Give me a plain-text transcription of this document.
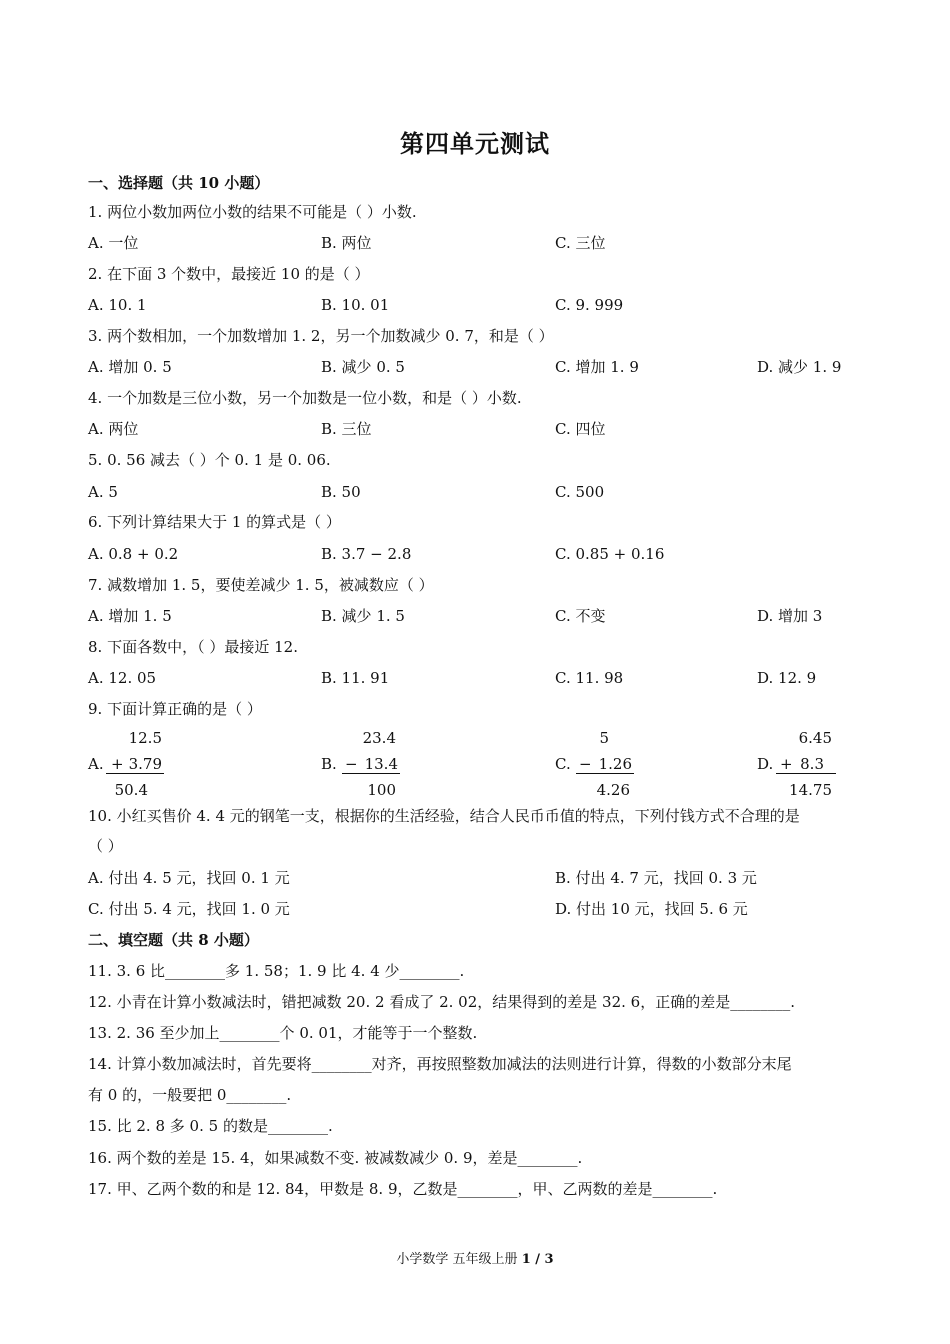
第四单元测试
一、选择题（共 10 小题）
1. 两位小数加两位小数的结果不可能是（ ）小数.
A. 一位	B. 两位	C. 三位
2. 在下面 3 个数中，最接近 10 的是（ ）
A. 10. 1	B. 10. 01	C. 9. 999
3. 两个数相加，一个加数增加 1. 2，另一个加数减少 0. 7，和是（ ）
A. 增加 0. 5	B. 减少 0. 5	C. 增加 1. 9	D. 减少 1. 9
4. 一个加数是三位小数，另一个加数是一位小数，和是（ ）小数.
A. 两位	B. 三位	C. 四位
5. 0. 56 减去（ ）个 0. 1 是 0. 06.
A. 5	B. 50	C. 500
6. 下列计算结果大于 1 的算式是（ ）
A. 0.8 + 0.2	B. 3.7 − 2.8	C. 0.85 + 0.16
7. 减数增加 1. 5，要使差减少 1. 5，被减数应（ ）
A. 增加 1. 5	B. 减少 1. 5	C. 不变	D. 增加 3
8. 下面各数中，（ ）最接近 12.
A. 12. 05	B. 11. 91	C. 11. 98	D. 12. 9
9. 下面计算正确的是（ ）
12.5
A. + 3.79
50.4
23.4
B. − 13.4
100
5
C. − 1.26
4.26
6.45
D. + 8.3
14.75
10. 小红买售价 4. 4 元的钢笔一支，根据你的生活经验，结合人民币币值的特点，下列付钱方式不合理的是
（ ）
A. 付出 4. 5 元，找回 0. 1 元	B. 付出 4. 7 元，找回 0. 3 元
C. 付出 5. 4 元，找回 1. 0 元	D. 付出 10 元，找回 5. 6 元
二、填空题（共 8 小题）
11. 3. 6 比________多 1. 58；1. 9 比 4. 4 少________.
12. 小青在计算小数减法时，错把减数 20. 2 看成了 2. 02，结果得到的差是 32. 6，正确的差是________.
13. 2. 36 至少加上________个 0. 01，才能等于一个整数.
14. 计算小数加减法时，首先要将________对齐，再按照整数加减法的法则进行计算，得数的小数部分末尾
有 0 的，一般要把 0________.
15. 比 2. 8 多 0. 5 的数是________.
16. 两个数的差是 15. 4，如果减数不变. 被减数减少 0. 9，差是________.
17. 甲、乙两个数的和是 12. 84，甲数是 8. 9，乙数是________，甲、乙两数的差是________.
小学数学 五年级上册 1 / 3
